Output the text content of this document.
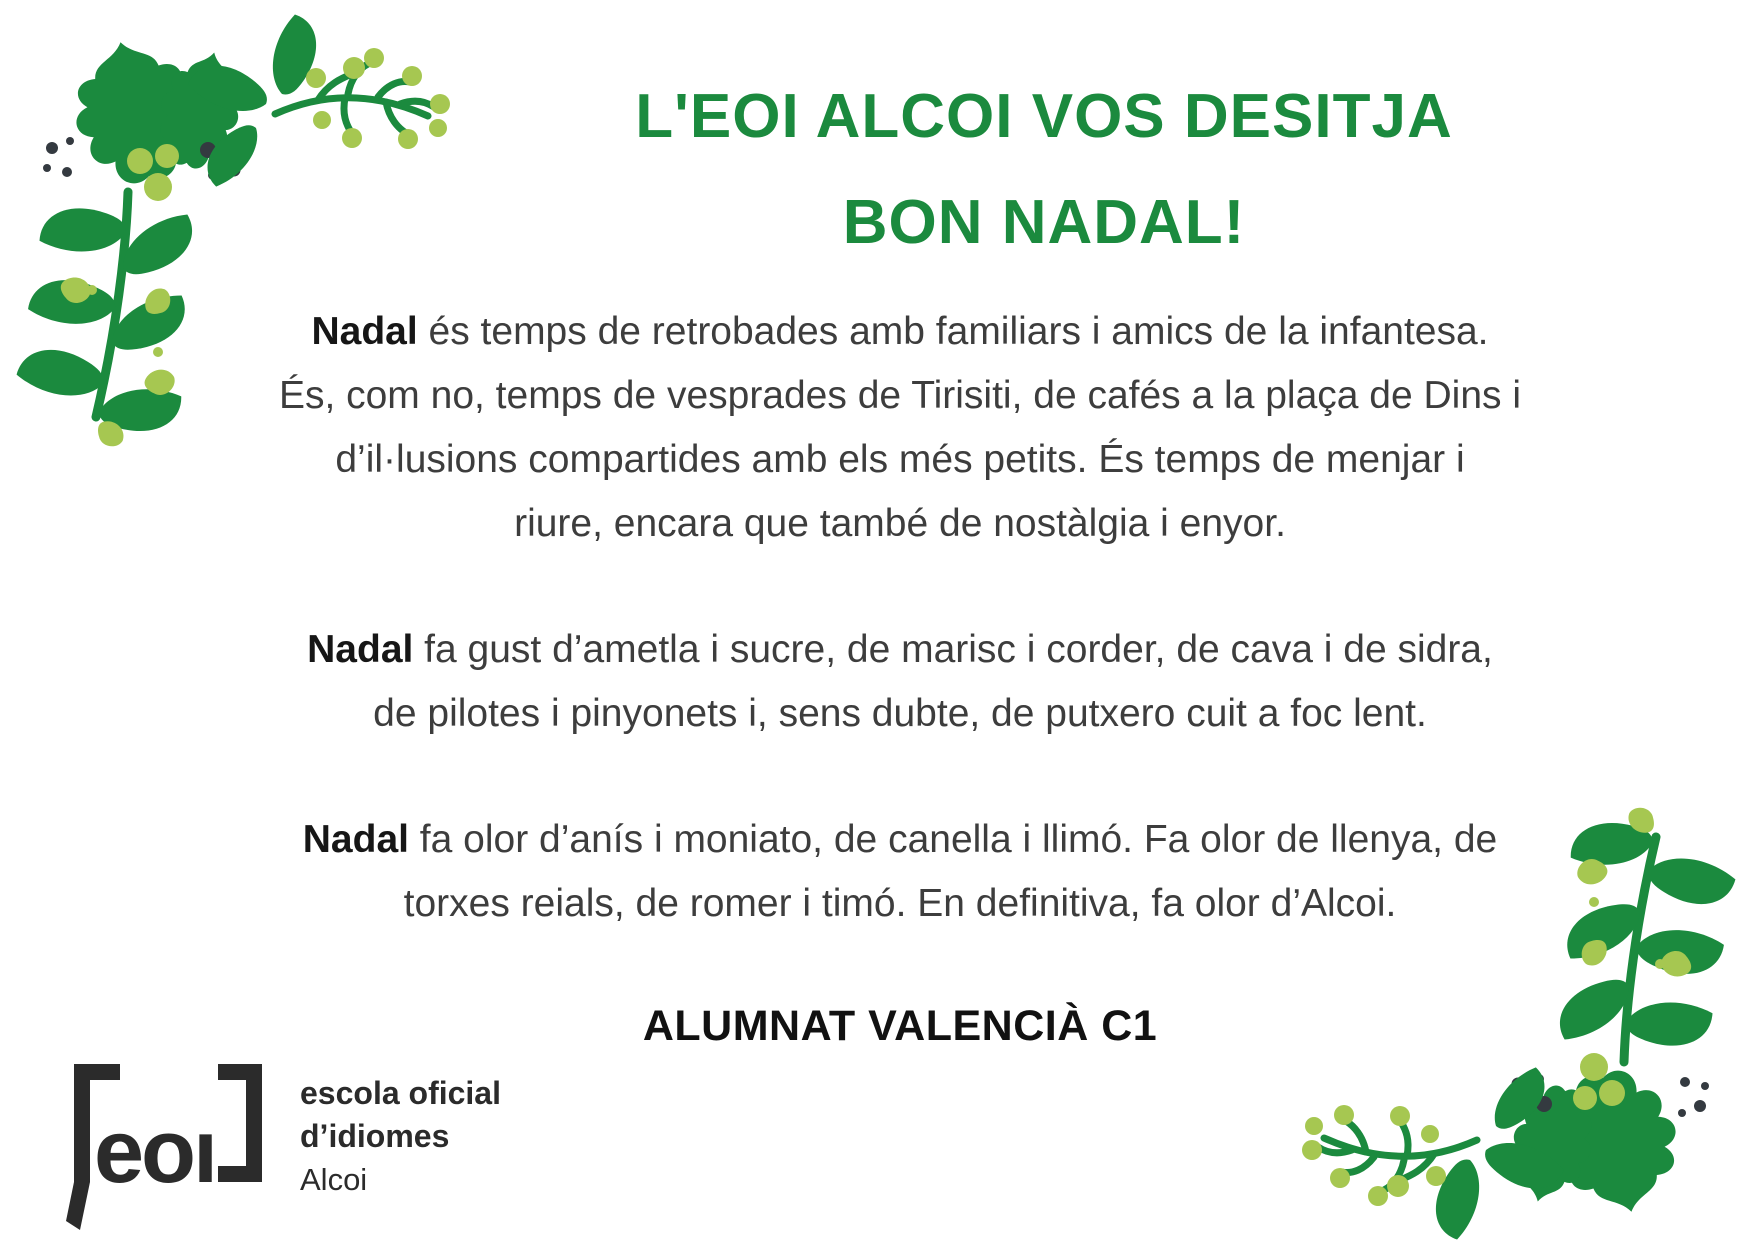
L'EOI ALCOI VOS DESITJA
BON NADAL!
Nadal és temps de retrobades amb familiars i amics de la infantesa.
És, com no, temps de vesprades de Tirisiti, de cafés a la plaça de Dins i
d’il·lusions compartides amb els més petits. És temps de menjar i
riure, encara que també de nostàlgia i enyor.
Nadal fa gust d’ametla i sucre, de marisc i corder, de cava i de sidra,
de pilotes i pinyonets i, sens dubte, de putxero cuit a foc lent.
Nadal fa olor d’anís i moniato, de canella i llimó. Fa olor de llenya, de
torxes reials, de romer i timó. En definitiva, fa olor d’Alcoi.
ALUMNAT VALENCIÀ C1
eoı
escola oficial
d’idiomes
Alcoi
